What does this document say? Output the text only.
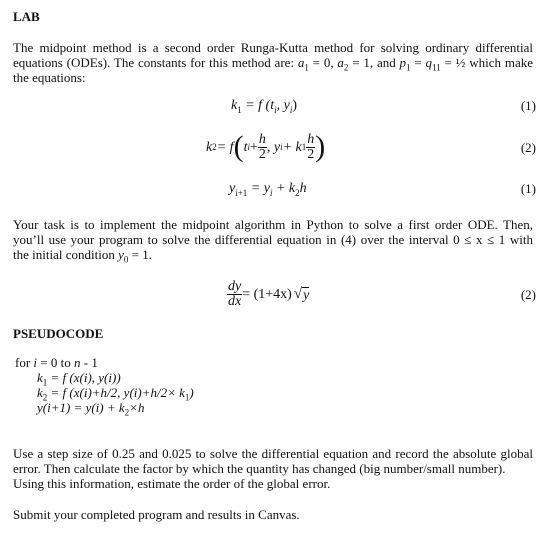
LAB
The midpoint method is a second order Runga-Kutta method for solving ordinary differential equations (ODEs). The constants for this method are: $a_1 = 0$, $a_2 = 1$, and $p_1 = q_{11}$ = ½ which make the equations:
$k_1 = f$ ($t_i$, $y_i$)	(1)
k 2 = f ( t $i + \frac{h}{2}$ , y i + k $1 \frac{h}{2}$ )	(2)
$y_{i+1} = y_i + k_2h$	(1)
Your task is to implement the midpoint algorithm in Python to solve a first order ODE. Then,
you’ll use your program to solve the differential equation in (4) over the interval 0 ≤ x ≤ 1 with
the initial condition $y_0 = 1$.
$\frac{dy}{dx} = (1+4x)$ √ y	(2)
PSEUDOCODE
for i = 0 to n - 1
$k_1 = f$ (x(i), y(i))
$k_2 = f$ (x(i)+h/2, $y(i)+h/2\times k_1$)
$y(i+1) = y(i) + k_2\times h$
Use a step size of 0.25 and 0.025 to solve the differential equation and record the absolute global
error. Then calculate the factor by which the quantity has changed (big number/small number).
Using this information, estimate the order of the global error.
Submit your completed program and results in Canvas.
